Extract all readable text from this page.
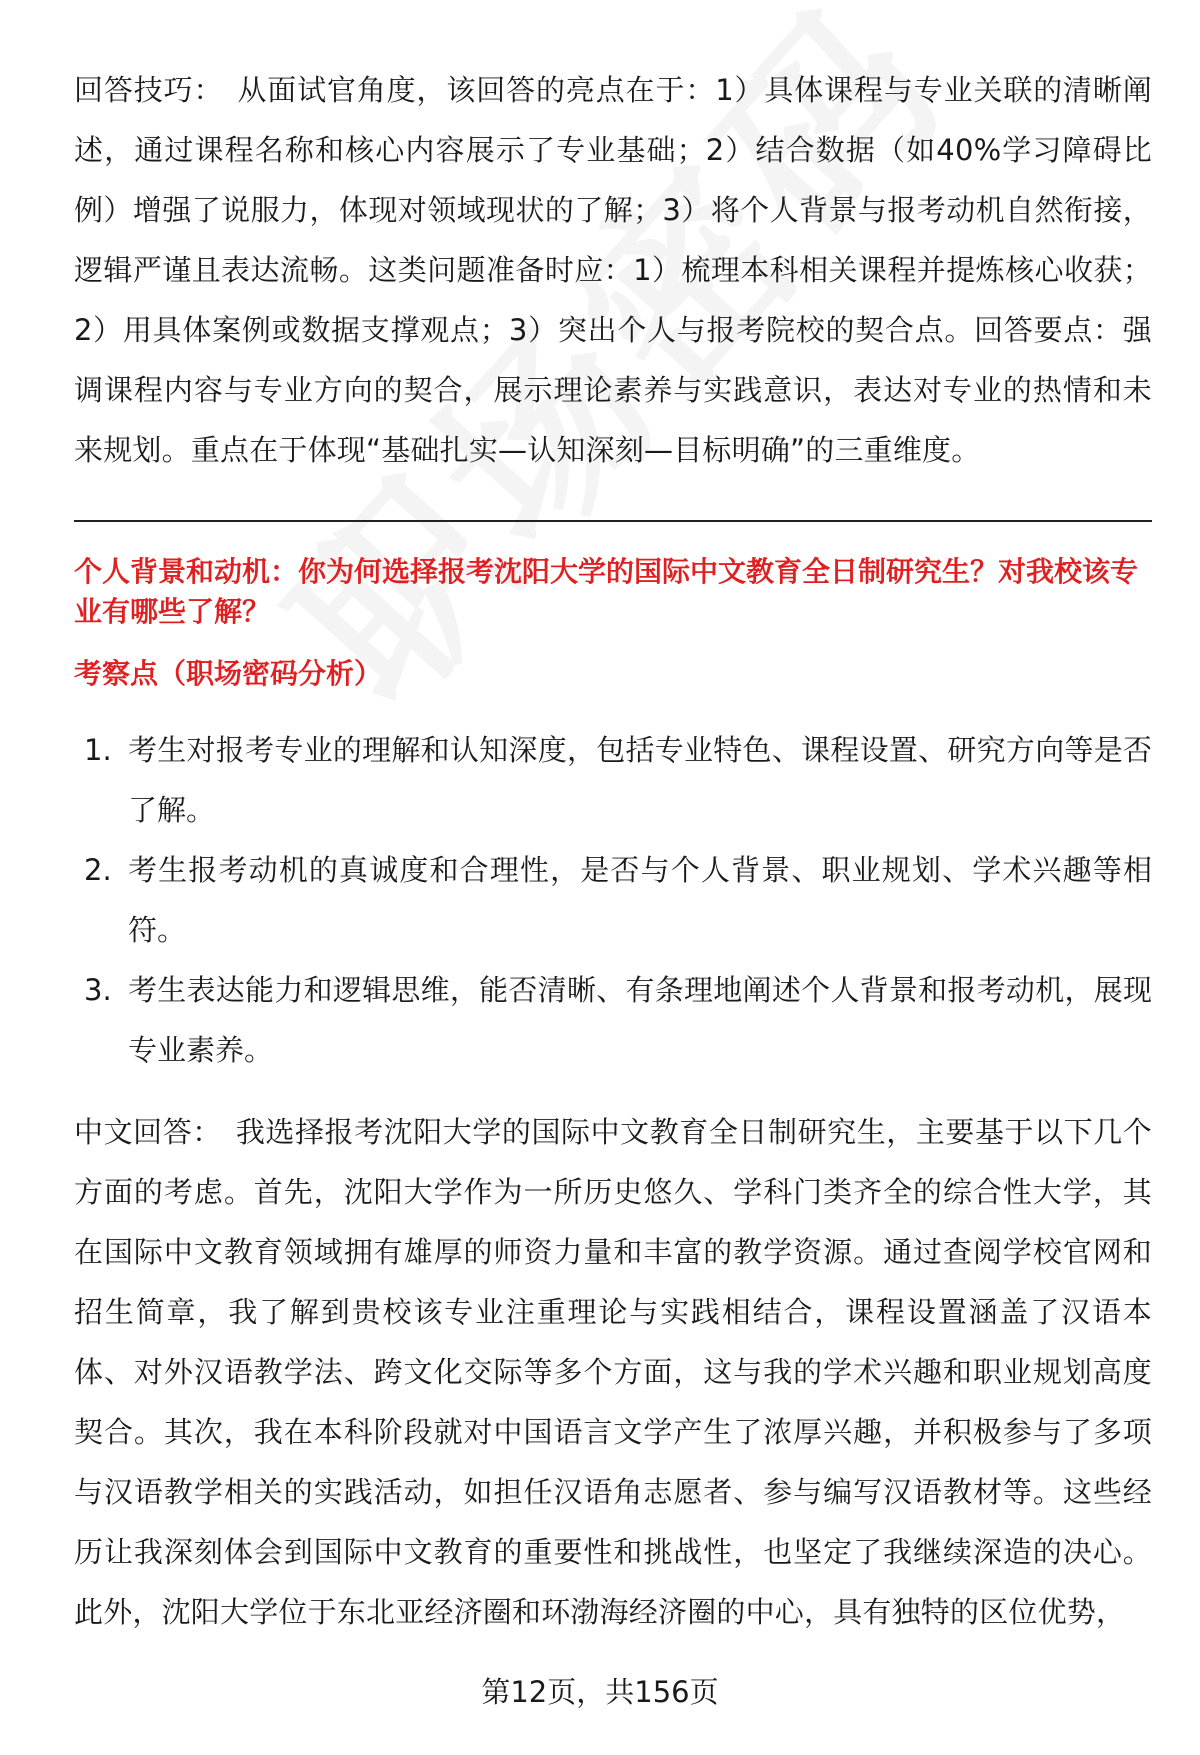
回答技巧： 从面试官角度，该回答的亮点在于：1）具体课程与专业关联的清晰阐述，通过课程名称和核心内容展示了专业基础；2）结合数据（如40%学习障碍比例）增强了说服力，体现对领域现状的了解；3）将个人背景与报考动机自然衔接，逻辑严谨且表达流畅。这类问题准备时应：1）梳理本科相关课程并提炼核心收获；2）用具体案例或数据支撑观点；3）突出个人与报考院校的契合点。回答要点：强调课程内容与专业方向的契合，展示理论素养与实践意识，表达对专业的热情和未来规划。重点在于体现“基础扎实—认知深刻—目标明确”的三重维度。

个人背景和动机：你为何选择报考沈阳大学的国际中文教育全日制研究生？对我校该专业有哪些了解？

考察点（职场密码分析）

1. 考生对报考专业的理解和认知深度，包括专业特色、课程设置、研究方向等是否了解。
2. 考生报考动机的真诚度和合理性，是否与个人背景、职业规划、学术兴趣等相符。
3. 考生表达能力和逻辑思维，能否清晰、有条理地阐述个人背景和报考动机，展现专业素养。

中文回答： 我选择报考沈阳大学的国际中文教育全日制研究生，主要基于以下几个方面的考虑。首先，沈阳大学作为一所历史悠久、学科门类齐全的综合性大学，其在国际中文教育领域拥有雄厚的师资力量和丰富的教学资源。通过查阅学校官网和招生简章，我了解到贵校该专业注重理论与实践相结合，课程设置涵盖了汉语本体、对外汉语教学法、跨文化交际等多个方面，这与我的学术兴趣和职业规划高度契合。其次，我在本科阶段就对中国语言文学产生了浓厚兴趣，并积极参与了多项与汉语教学相关的实践活动，如担任汉语角志愿者、参与编写汉语教材等。这些经历让我深刻体会到国际中文教育的重要性和挑战性，也坚定了我继续深造的决心。此外，沈阳大学位于东北亚经济圈和环渤海经济圈的中心，具有独特的区位优势，

第12页，共156页
